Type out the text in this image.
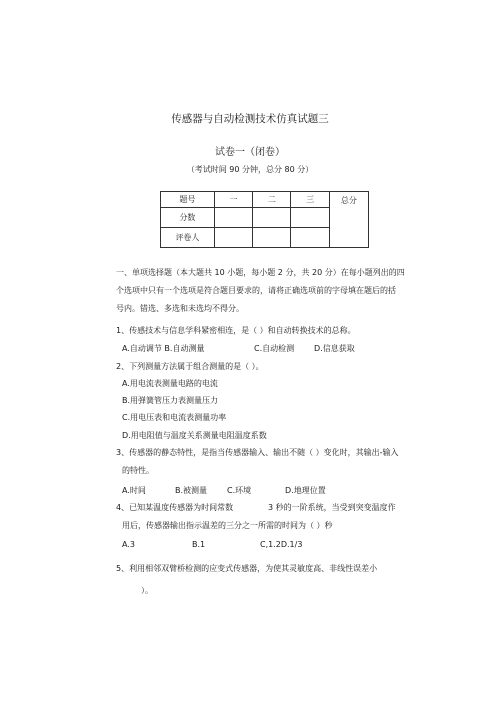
传感器与自动检测技术仿真试题三
试卷一（闭卷）
（考试时间 90 分钟，总分 80 分）
题号	一	二	三	总分
分数				
评卷人				
一、单项选择题（本大题共 10 小题，每小题 2 分，共 20 分）在每小题列出的四
个选项中只有一个选项是符合题目要求的，请将正确选项前的字母填在题后的括
号内。错选、多选和未选均不得分。
1、传感技术与信息学科紧密相连，是（ ）和自动转换技术的总称。
A.自动调节 B.自动测量	C.自动检测 D.信息获取
2、下列测量方法属于组合测量的是（ ）。
A.用电流表测量电路的电流
B.用弹簧管压力表测量压力
C.用电压表和电流表测量功率
D.用电阻值与温度关系测量电阻温度系数
3、传感器的静态特性，是指当传感器输入、输出不随（ ）变化时，其输出-输入
的特性。
A.时间	B.被测量 C.环境	D.地理位置
4、已知某温度传感器为时间常数	3 秒的一阶系统，当受到突变温度作
用后，传感器输出指示温差的三分之一所需的时间为（ ）秒
A.3	B.1	C,1.2D.1/3
5、利用相邻双臂桥检测的应变式传感器，为使其灵敏度高、非线性误差小
）。
